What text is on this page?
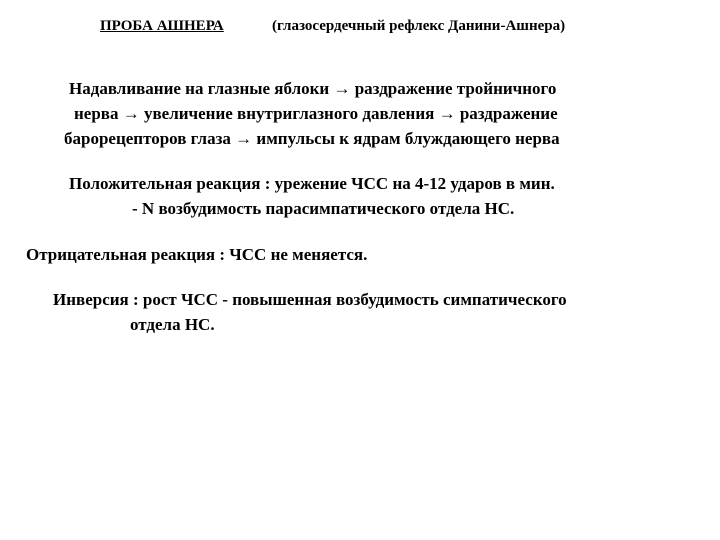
ПРОБА АШНЕРА	(глазосердечный рефлекс Данини-Ашнера)
Надавливание на глазные яблоки → раздражение тройничного
нерва → увеличение внутриглазного давления → раздражение
барорецепторов глаза → импульсы к ядрам блуждающего нерва
Положительная реакция : урежение ЧСС на 4-12 ударов в мин.
- N возбудимость парасимпатического отдела НС.
Отрицательная реакция : ЧСС не меняется.
Инверсия : рост ЧСС - повышенная возбудимость симпатического
отдела НС.
